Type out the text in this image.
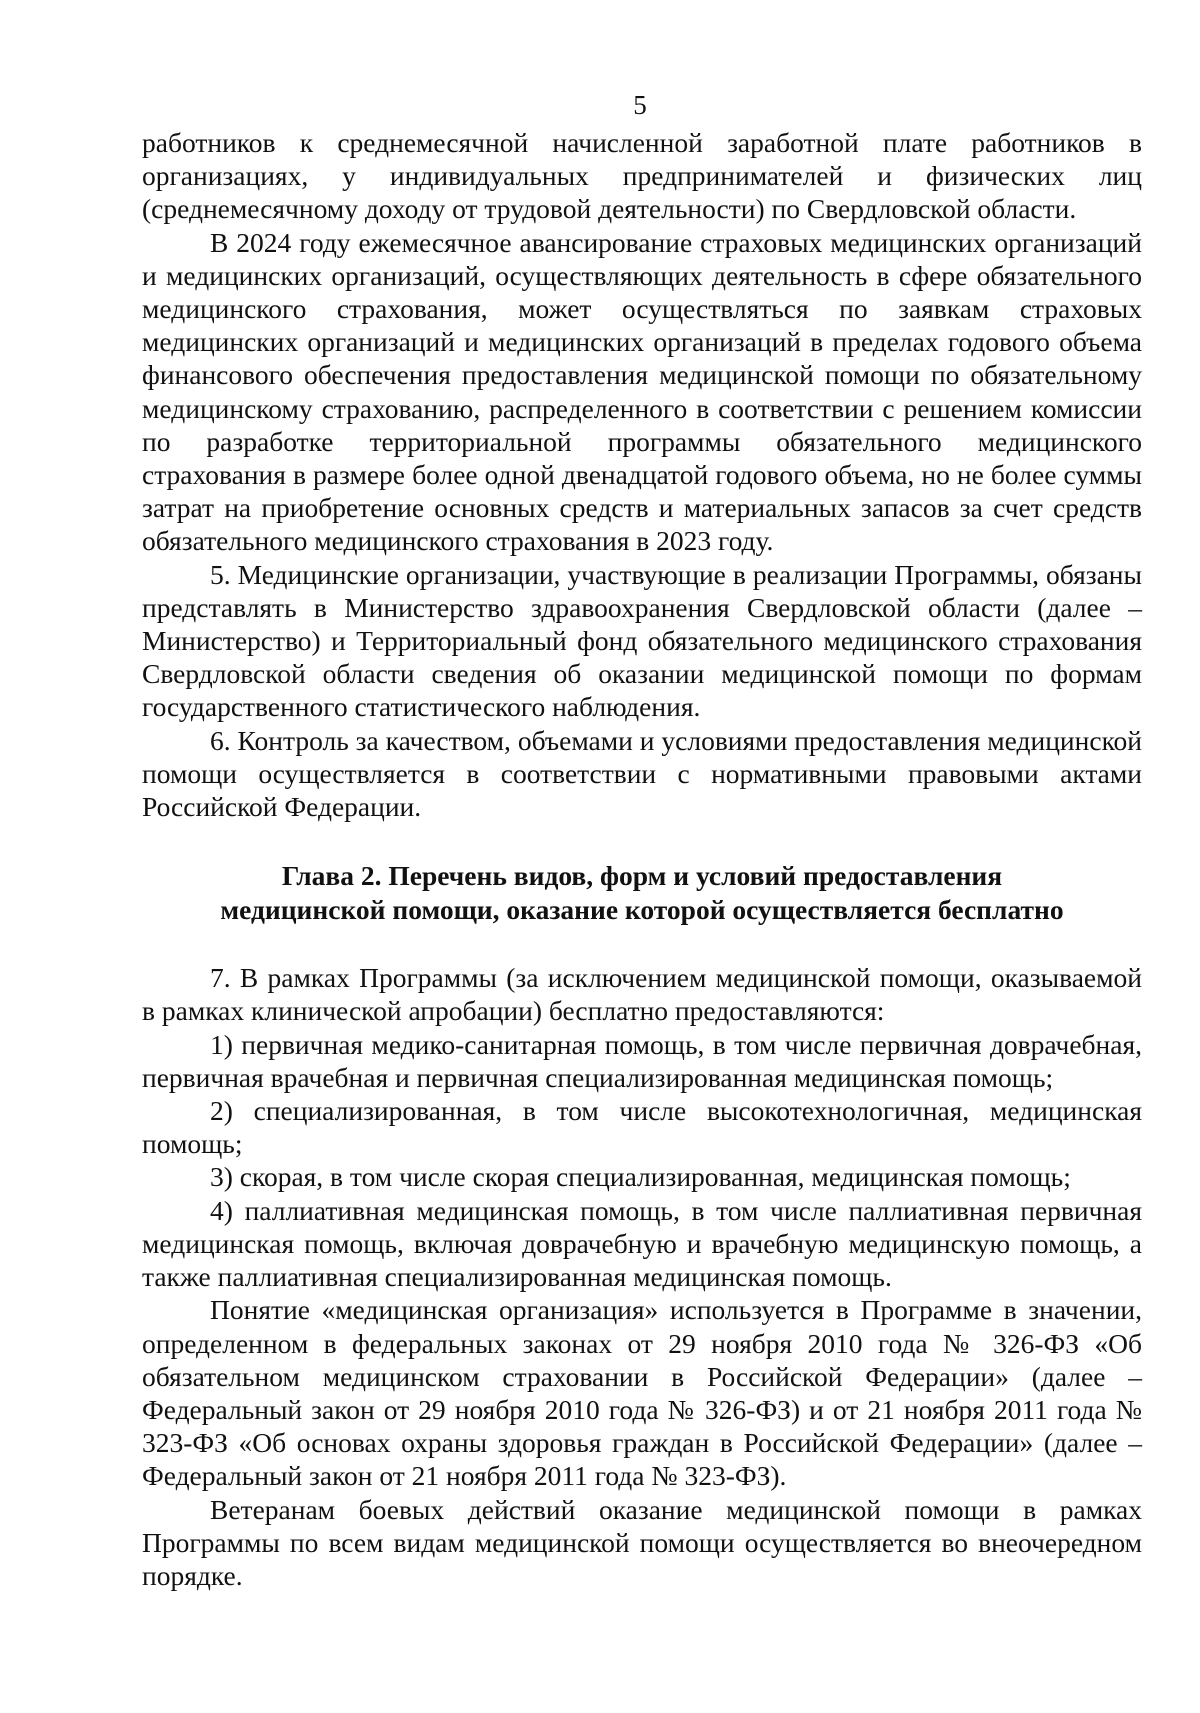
5

работников к среднемесячной начисленной заработной плате работников в организациях, у индивидуальных предпринимателей и физических лиц (среднемесячному доходу от трудовой деятельности) по Свердловской области.

В 2024 году ежемесячное авансирование страховых медицинских организаций и медицинских организаций, осуществляющих деятельность в сфере обязательного медицинского страхования, может осуществляться по заявкам страховых медицинских организаций и медицинских организаций в пределах годового объема финансового обеспечения предоставления медицинской помощи по обязательному медицинскому страхованию, распределенного в соответствии с решением комиссии по разработке территориальной программы обязательного медицинского страхования в размере более одной двенадцатой годового объема, но не более суммы затрат на приобретение основных средств и материальных запасов за счет средств обязательного медицинского страхования в 2023 году.

5. Медицинские организации, участвующие в реализации Программы, обязаны представлять в Министерство здравоохранения Свердловской области (далее – Министерство) и Территориальный фонд обязательного медицинского страхования Свердловской области сведения об оказании медицинской помощи по формам государственного статистического наблюдения.

6. Контроль за качеством, объемами и условиями предоставления медицинской помощи осуществляется в соответствии с нормативными правовыми актами Российской Федерации.

Глава 2. Перечень видов, форм и условий предоставления
медицинской помощи, оказание которой осуществляется бесплатно

7. В рамках Программы (за исключением медицинской помощи, оказываемой в рамках клинической апробации) бесплатно предоставляются:

1) первичная медико-санитарная помощь, в том числе первичная доврачебная, первичная врачебная и первичная специализированная медицинская помощь;

2) специализированная, в том числе высокотехнологичная, медицинская помощь;

3) скорая, в том числе скорая специализированная, медицинская помощь;

4) паллиативная медицинская помощь, в том числе паллиативная первичная медицинская помощь, включая доврачебную и врачебную медицинскую помощь, а также паллиативная специализированная медицинская помощь.

Понятие «медицинская организация» используется в Программе в значении, определенном в федеральных законах от 29 ноября 2010 года № 326-ФЗ «Об обязательном медицинском страховании в Российской Федерации» (далее – Федеральный закон от 29 ноября 2010 года № 326-ФЗ) и от 21 ноября 2011 года № 323-ФЗ «Об основах охраны здоровья граждан в Российской Федерации» (далее – Федеральный закон от 21 ноября 2011 года № 323-ФЗ).

Ветеранам боевых действий оказание медицинской помощи в рамках Программы по всем видам медицинской помощи осуществляется во внеочередном порядке.
